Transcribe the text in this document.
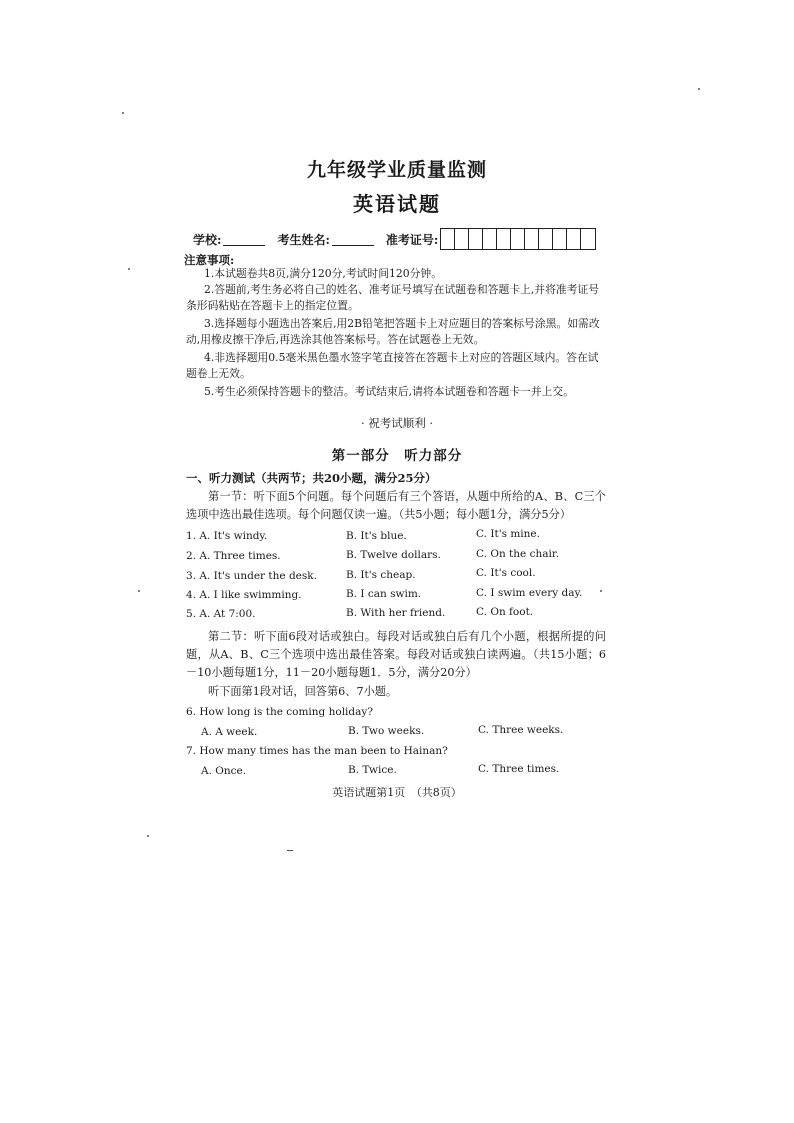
九年级学业质量监测
英语试题
学校:	考生姓名:	准考证号:
注意事项:
1.本试题卷共8页,满分120分,考试时间120分钟。
2.答题前,考生务必将自己的姓名、准考证号填写在试题卷和答题卡上,并将准考证号条形码粘贴在答题卡上的指定位置。
3.选择题每小题选出答案后,用2B铅笔把答题卡上对应题目的答案标号涂黑。如需改动,用橡皮擦干净后,再选涂其他答案标号。答在试题卷上无效。
4.非选择题用0.5毫米黑色墨水签字笔直接答在答题卡上对应的答题区域内。答在试题卷上无效。
5.考生必须保持答题卡的整洁。考试结束后,请将本试题卷和答题卡一并上交。
· 祝考试顺利 ·
第一部分　听力部分
一、听力测试（共两节；共20小题，满分25分）
第一节：听下面5个问题。每个问题后有三个答语，从题中所给的A、B、C三个选项中选出最佳选项。每个问题仅读一遍。（共5小题；每小题1分，满分5分）
1. A. It's windy.	B. It's blue.	C. It's mine.
2. A. Three times.	B. Twelve dollars.	C. On the chair.
3. A. It's under the desk.	B. It's cheap.	C. It's cool.
4. A. I like swimming.	B. I can swim.	C. I swim every day.
5. A. At 7:00.	B. With her friend.	C. On foot.
第二节：听下面6段对话或独白。每段对话或独白后有几个小题，根据所提的问题，从A、B、C三个选项中选出最佳答案。每段对话或独白读两遍。（共15小题；6－10小题每题1分，11－20小题每题1．5分，满分20分）
听下面第1段对话，回答第6、7小题。
6. How long is the coming holiday?
A. A week.	B. Two weeks.	C. Three weeks.
7. How many times has the man been to Hainan?
A. Once.	B. Twice.	C. Three times.
英语试题第1页　（共8页）
